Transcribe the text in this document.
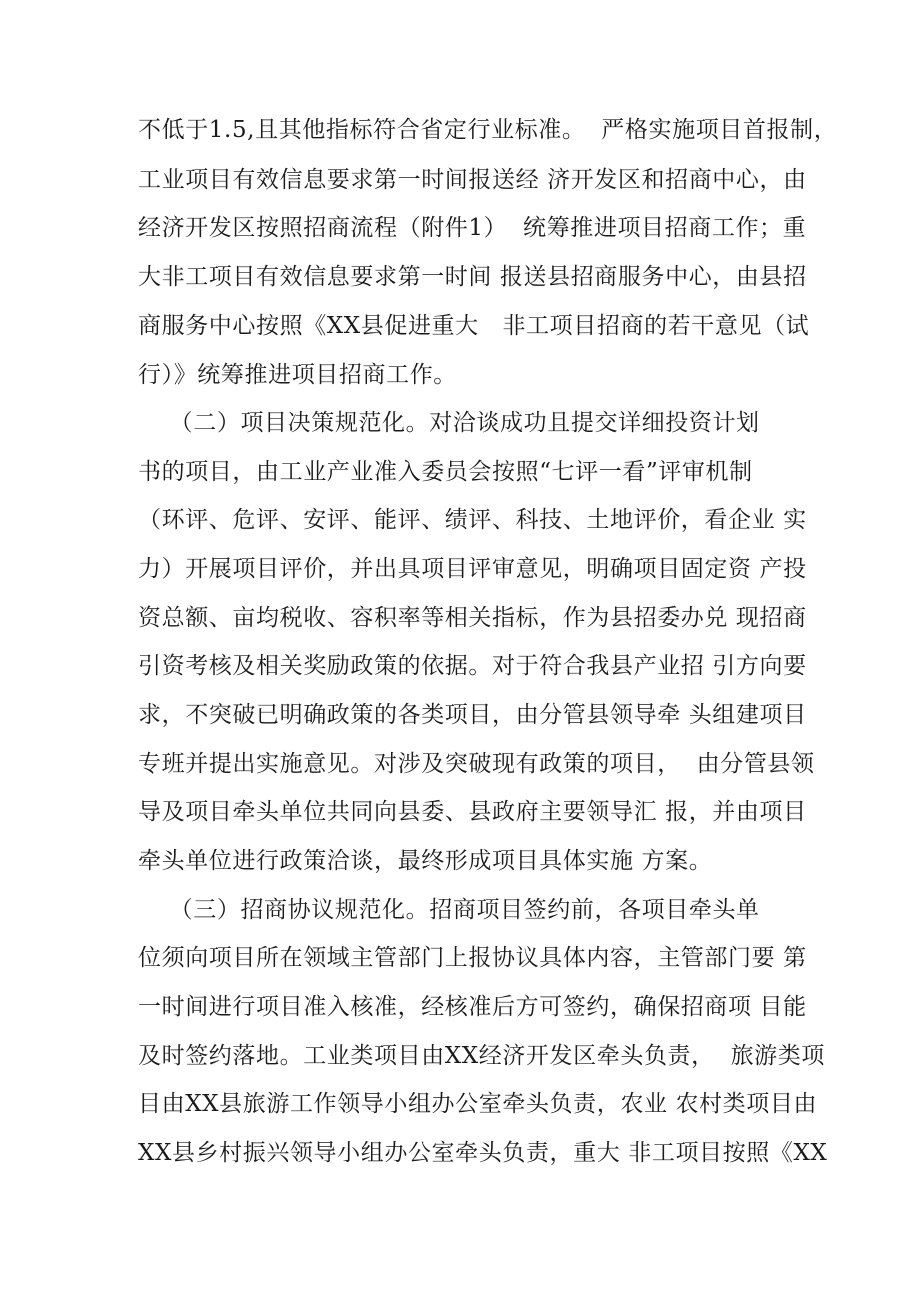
不低于1.5,且其他指标符合省定行业标准。  严格实施项目首报制，
工业项目有效信息要求第一时间报送经 济开发区和招商中心，由
经济开发区按照招商流程（附件1）  统筹推进项目招商工作；重
大非工项目有效信息要求第一时间 报送县招商服务中心，由县招
商服务中心按照《XX县促进重大   非工项目招商的若干意见（试
行）》统筹推进项目招商工作。
（二）项目决策规范化。对洽谈成功且提交详细投资计划
书的项目，由工业产业准入委员会按照“七评一看”评审机制
（环评、危评、安评、能评、绩评、科技、土地评价，看企业 实
力）开展项目评价，并出具项目评审意见，明确项目固定资 产投
资总额、亩均税收、容积率等相关指标，作为县招委办兑 现招商
引资考核及相关奖励政策的依据。对于符合我县产业招 引方向要
求，不突破已明确政策的各类项目，由分管县领导牵 头组建项目
专班并提出实施意见。对涉及突破现有政策的项目，  由分管县领
导及项目牵头单位共同向县委、县政府主要领导汇 报，并由项目
牵头单位进行政策洽谈，最终形成项目具体实施 方案。
（三）招商协议规范化。招商项目签约前，各项目牵头单
位须向项目所在领域主管部门上报协议具体内容，主管部门要 第
一时间进行项目准入核准，经核准后方可签约，确保招商项 目能
及时签约落地。工业类项目由XX经济开发区牵头负责，  旅游类项
目由XX县旅游工作领导小组办公室牵头负责，农业 农村类项目由
XX县乡村振兴领导小组办公室牵头负责，重大 非工项目按照《XX
